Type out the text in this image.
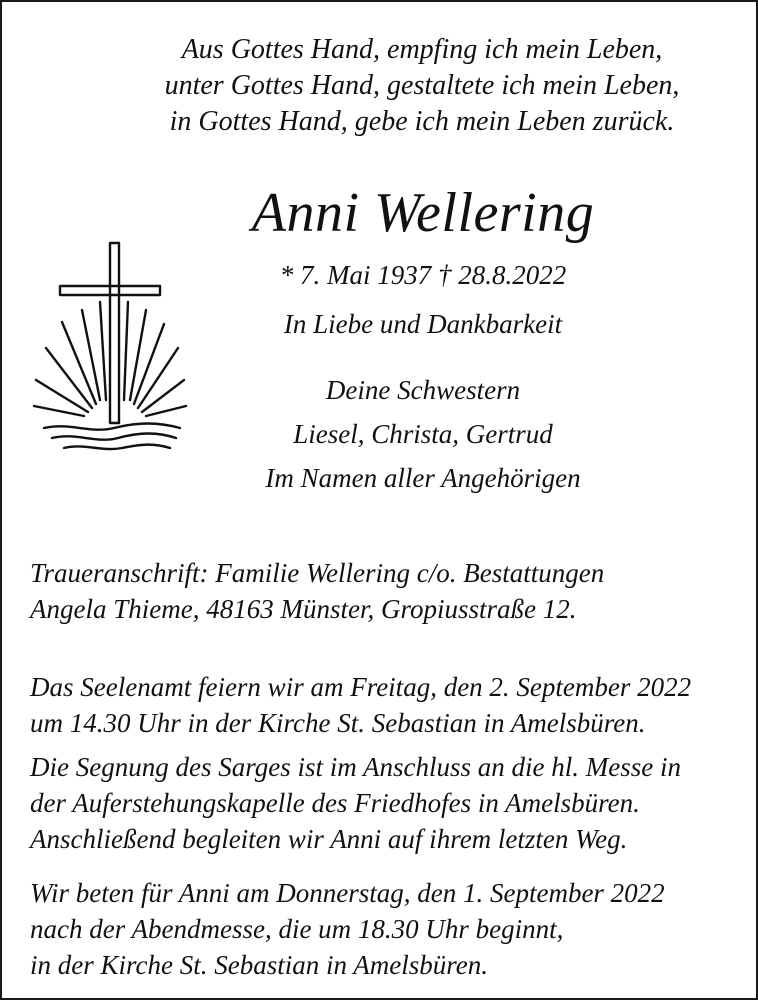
Aus Gottes Hand, empfing ich mein Leben,
unter Gottes Hand, gestaltete ich mein Leben,
in Gottes Hand, gebe ich mein Leben zurück.
Anni Wellering
* 7. Mai 1937 † 28.8.2022
In Liebe und Dankbarkeit
Deine Schwestern
Liesel, Christa, Gertrud
Im Namen aller Angehörigen
Traueranschrift: Familie Wellering c/o. Bestattungen
Angela Thieme, 48163 Münster, Gropiusstraße 12.
Das Seelenamt feiern wir am Freitag, den 2. September 2022
um 14.30 Uhr in der Kirche St. Sebastian in Amelsbüren.
Die Segnung des Sarges ist im Anschluss an die hl. Messe in
der Auferstehungskapelle des Friedhofes in Amelsbüren.
Anschließend begleiten wir Anni auf ihrem letzten Weg.
Wir beten für Anni am Donnerstag, den 1. September 2022
nach der Abendmesse, die um 18.30 Uhr beginnt,
in der Kirche St. Sebastian in Amelsbüren.
